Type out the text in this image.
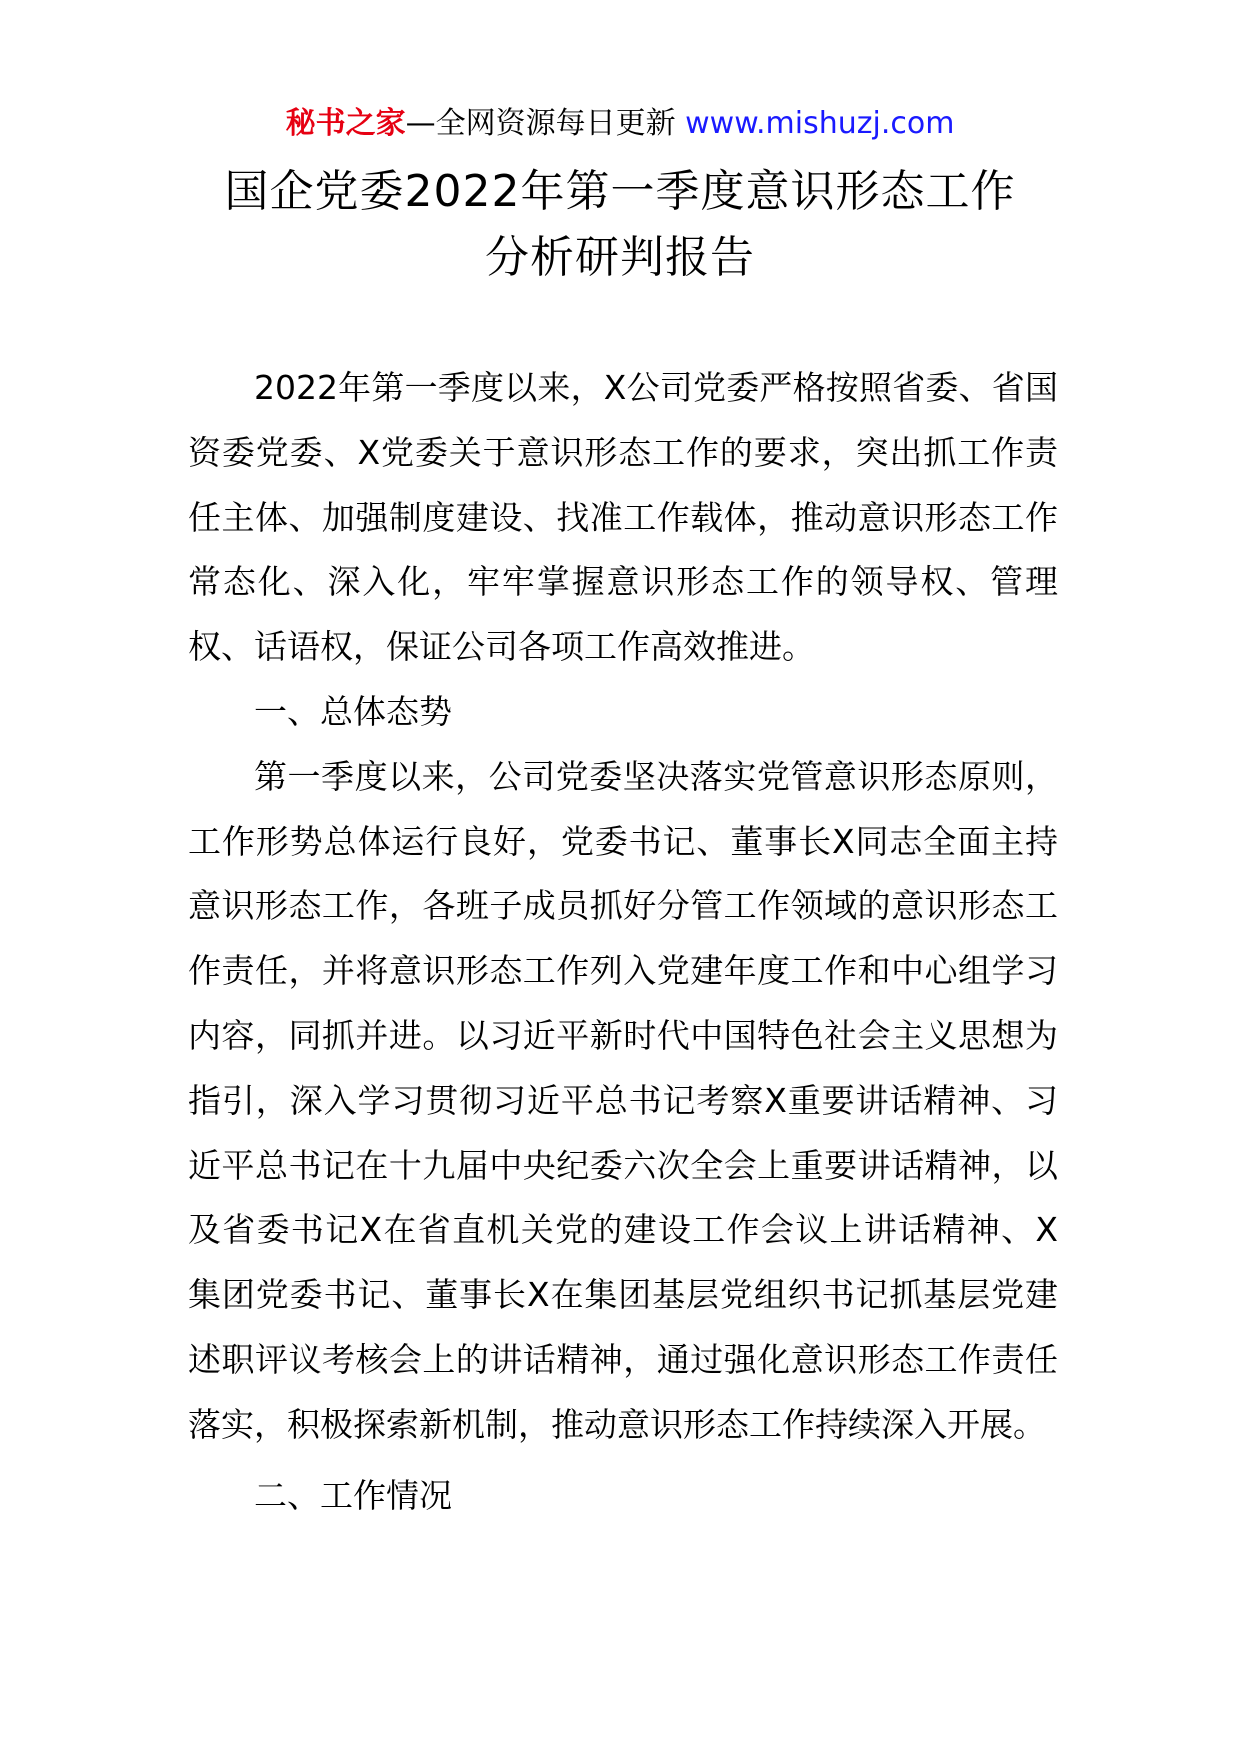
秘书之家—全网资源每日更新 www.mishuzj.com
国企党委2022年第一季度意识形态工作
分析研判报告

2022年第一季度以来，X公司党委严格按照省委、省国资委党委、X党委关于意识形态工作的要求，突出抓工作责任主体、加强制度建设、找准工作载体，推动意识形态工作常态化、深入化，牢牢掌握意识形态工作的领导权、管理权、话语权，保证公司各项工作高效推进。

一、总体态势

第一季度以来，公司党委坚决落实党管意识形态原则，工作形势总体运行良好，党委书记、董事长X同志全面主持意识形态工作，各班子成员抓好分管工作领域的意识形态工作责任，并将意识形态工作列入党建年度工作和中心组学习内容，同抓并进。以习近平新时代中国特色社会主义思想为指引，深入学习贯彻习近平总书记考察X重要讲话精神、习近平总书记在十九届中央纪委六次全会上重要讲话精神，以及省委书记X在省直机关党的建设工作会议上讲话精神、X集团党委书记、董事长X在集团基层党组织书记抓基层党建述职评议考核会上的讲话精神，通过强化意识形态工作责任落实，积极探索新机制，推动意识形态工作持续深入开展。

二、工作情况
